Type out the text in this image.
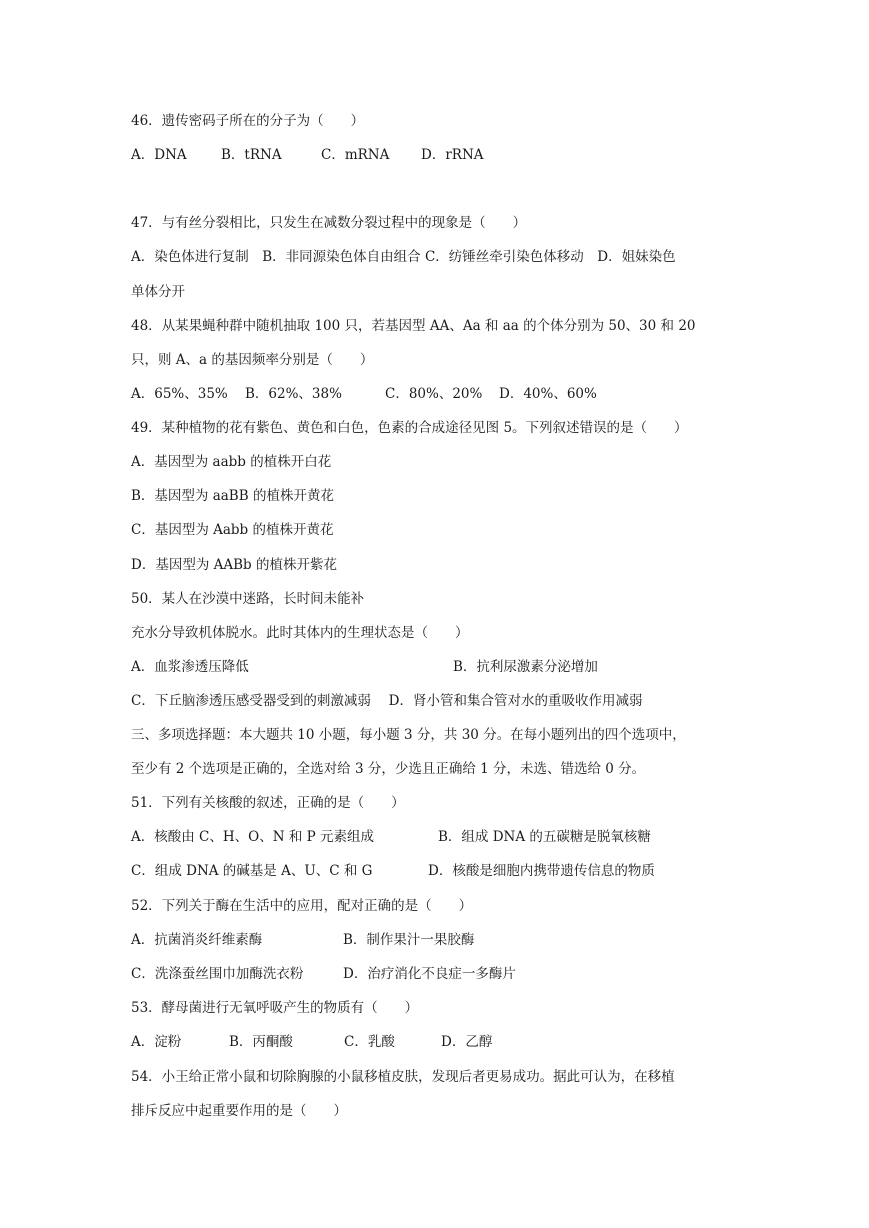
46．遗传密码子所在的分子为（　　）
A．DNA	B．tRNA	C．mRNA	D．rRNA
47．与有丝分裂相比，只发生在减数分裂过程中的现象是（　　）
A．染色体进行复制　B．非同源染色体自由组合 C．纺锤丝牵引染色体移动　D．姐妹染色
单体分开
48．从某果蝇种群中随机抽取 100 只，若基因型 AA、Aa 和 aa 的个体分别为 50、30 和 20
只，则 A、a 的基因频率分别是（　　）
A．65%、35%	B．62%、38%	C．80%、20%	D．40%、60%
49．某种植物的花有紫色、黄色和白色，色素的合成途径见图 5。下列叙述错误的是（　　）
A．基因型为 aabb 的植株开白花
B．基因型为 aaBB 的植株开黄花
C．基因型为 Aabb 的植株开黄花
D．基因型为 AABb 的植株开紫花
50．某人在沙漠中迷路，长时间未能补
充水分导致机体脱水。此时其体内的生理状态是（　　）
A．血浆渗透压降低	B．抗利尿激素分泌增加
C．下丘脑渗透压感受器受到的刺激减弱　 D．肾小管和集合管对水的重吸收作用减弱
三、多项选择题：本大题共 10 小题，每小题 3 分，共 30 分。在每小题列出的四个选项中，
至少有 2 个选项是正确的，全选对给 3 分，少选且正确给 1 分，未选、错选给 0 分。
51．下列有关核酸的叙述，正确的是（　　）
A．核酸由 C、H、O、N 和 P 元素组成	B．组成 DNA 的五碳糖是脱氧核糖
C．组成 DNA 的碱基是 A、U、C 和 G	D．核酸是细胞内携带遗传信息的物质
52．下列关于酶在生活中的应用，配对正确的是（　　）
A．抗菌消炎纤维素酶	B．制作果汁一果胶酶
C．洗涤蚕丝围巾加酶洗衣粉	D．治疗消化不良症一多酶片
53．酵母菌进行无氧呼吸产生的物质有（　　）
A．淀粉	B．丙酮酸	C．乳酸	D．乙醇
54．小王给正常小鼠和切除胸腺的小鼠移植皮肤，发现后者更易成功。据此可认为，在移植
排斥反应中起重要作用的是（　　）
